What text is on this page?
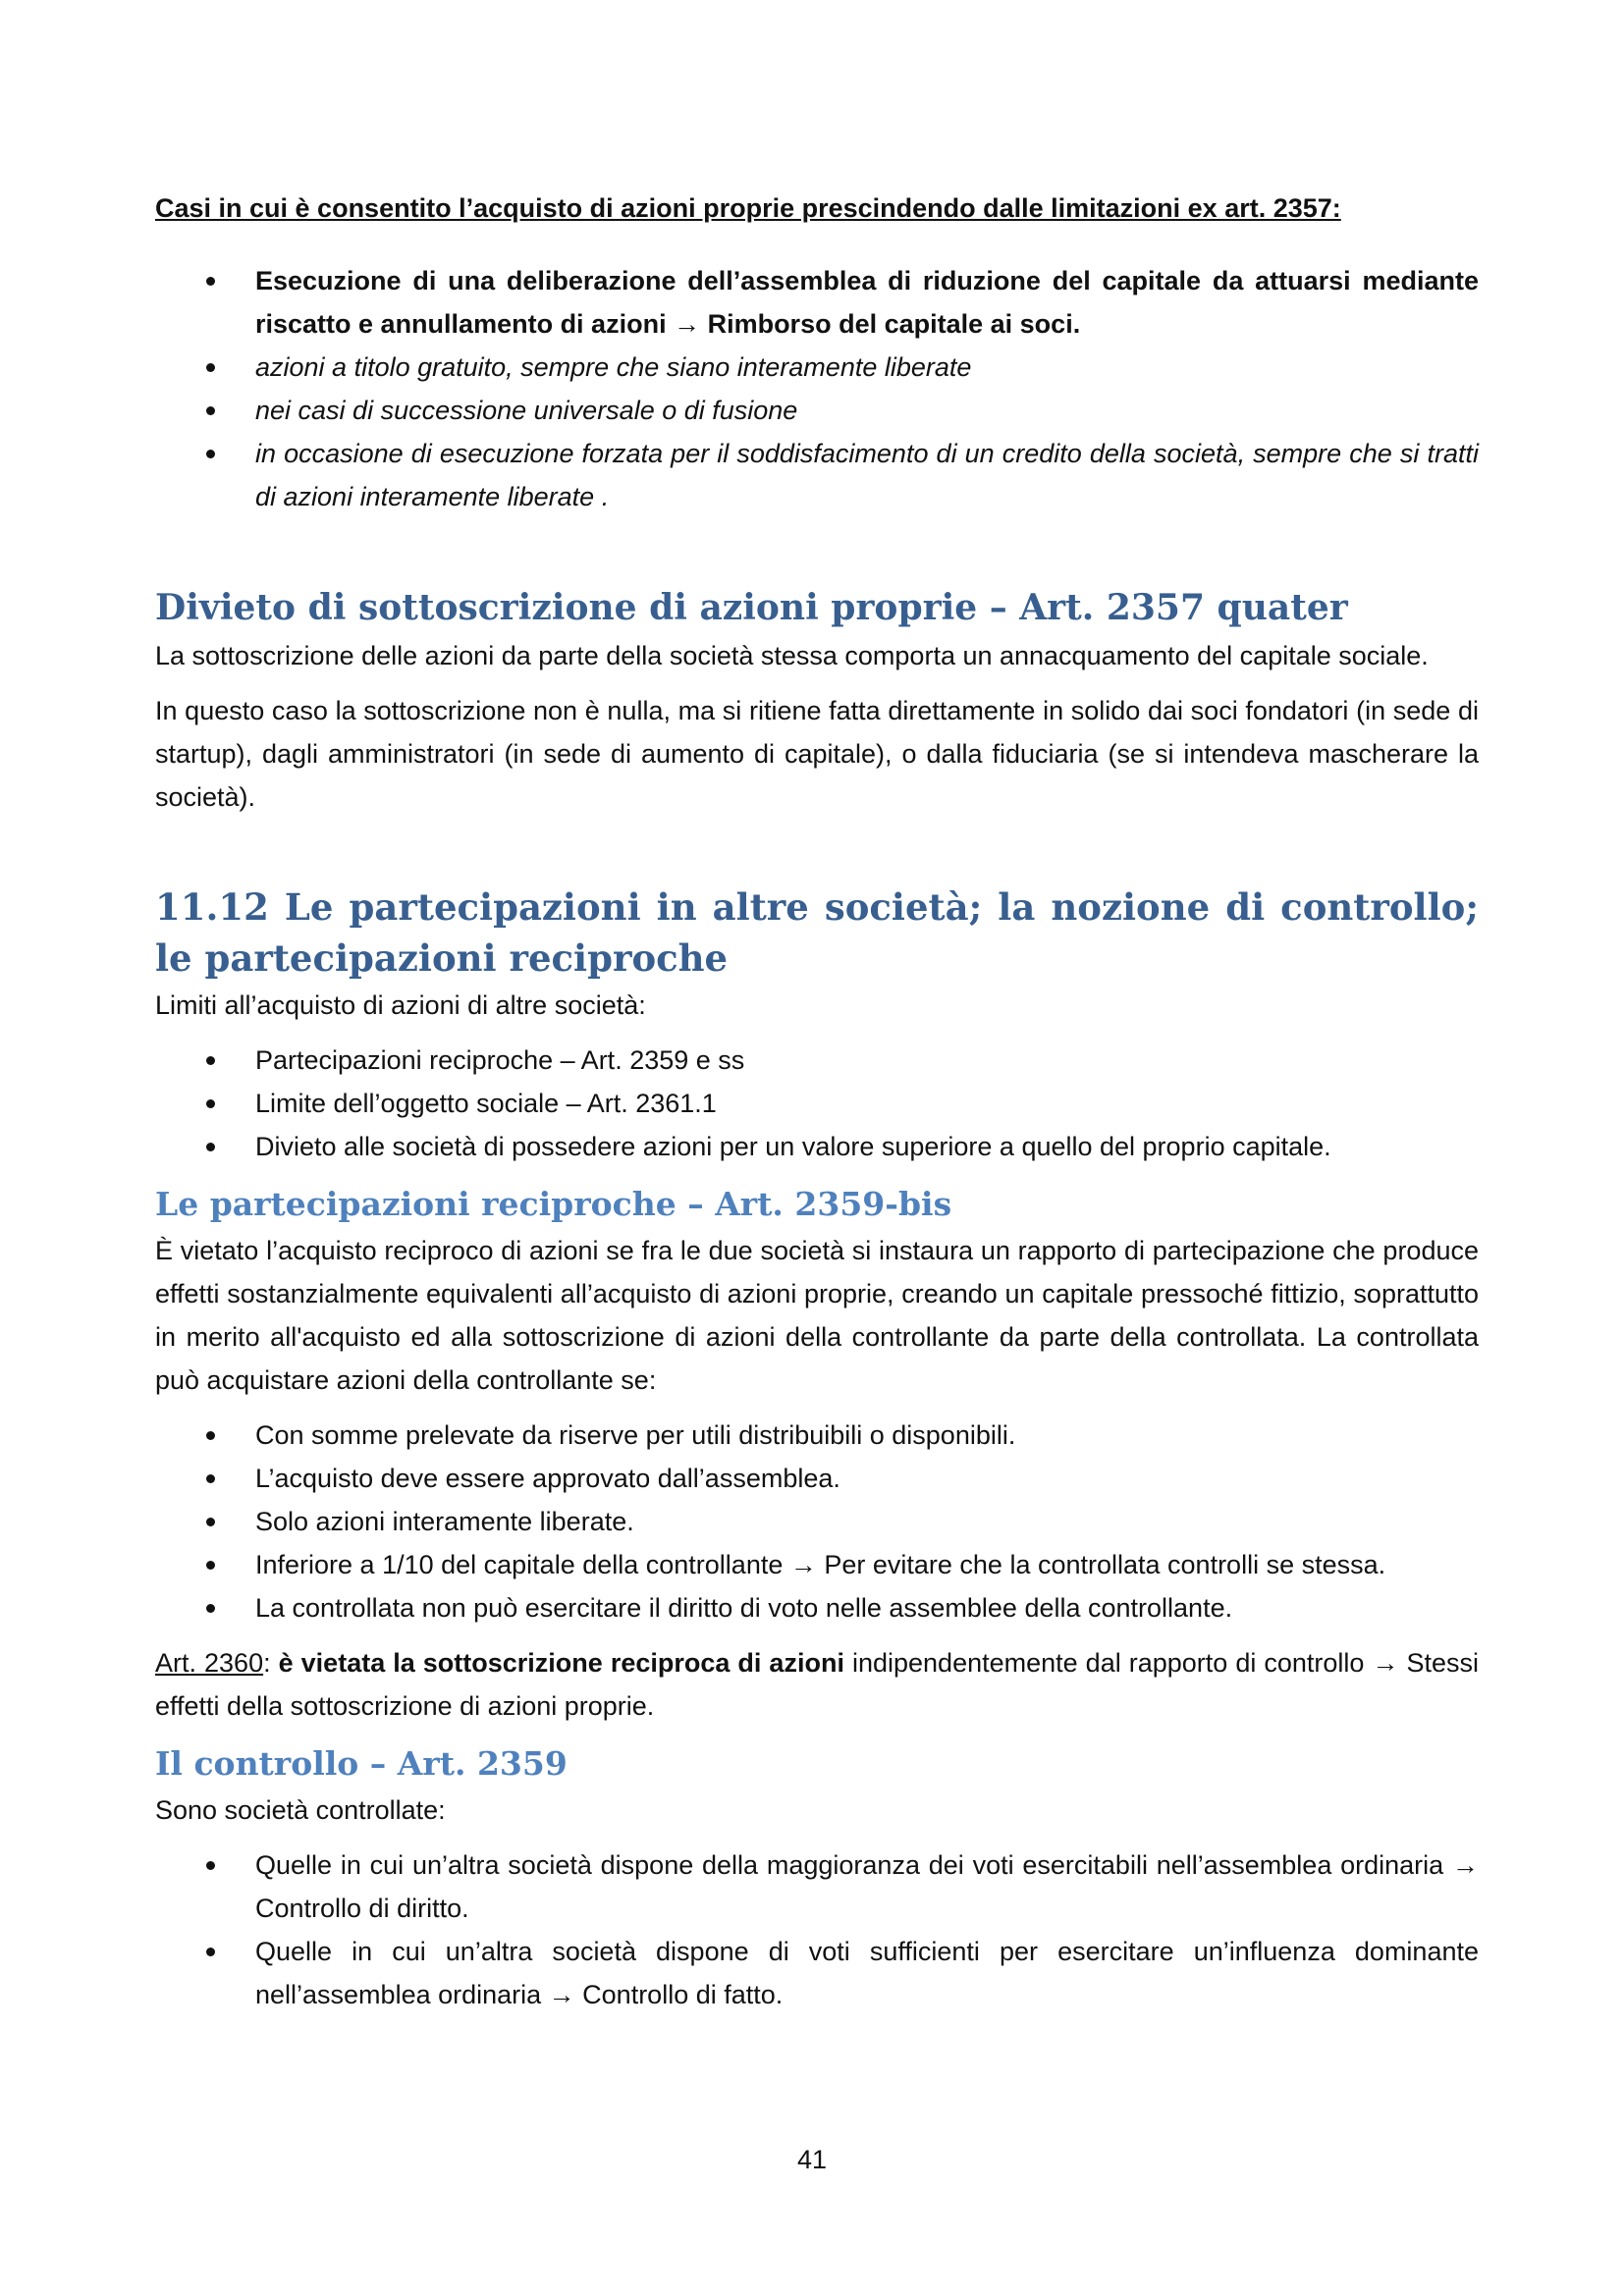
Casi in cui è consentito l’acquisto di azioni proprie prescindendo dalle limitazioni ex art. 2357:

Esecuzione di una deliberazione dell’assemblea di riduzione del capitale da attuarsi mediante riscatto e annullamento di azioni → Rimborso del capitale ai soci.
azioni a titolo gratuito, sempre che siano interamente liberate
nei casi di successione universale o di fusione
in occasione di esecuzione forzata per il soddisfacimento di un credito della società, sempre che si tratti di azioni interamente liberate .
Divieto di sottoscrizione di azioni proprie – Art. 2357 quater

La sottoscrizione delle azioni da parte della società stessa comporta un annacquamento del capitale sociale.

In questo caso la sottoscrizione non è nulla, ma si ritiene fatta direttamente in solido dai soci fondatori (in sede di startup), dagli amministratori (in sede di aumento di capitale), o dalla fiduciaria (se si intendeva mascherare la società).

11.12 Le partecipazioni in altre società; la nozione di controllo; le partecipazioni reciproche

Limiti all’acquisto di azioni di altre società:

Partecipazioni reciproche – Art. 2359 e ss
Limite dell’oggetto sociale – Art. 2361.1
Divieto alle società di possedere azioni per un valore superiore a quello del proprio capitale.
Le partecipazioni reciproche – Art. 2359-bis

È vietato l’acquisto reciproco di azioni se fra le due società si instaura un rapporto di partecipazione che produce effetti sostanzialmente equivalenti all’acquisto di azioni proprie, creando un capitale pressoché fittizio, soprattutto in merito all'acquisto ed alla sottoscrizione di azioni della controllante da parte della controllata. La controllata può acquistare azioni della controllante se:

Con somme prelevate da riserve per utili distribuibili o disponibili.
L’acquisto deve essere approvato dall’assemblea.
Solo azioni interamente liberate.
Inferiore a 1/10 del capitale della controllante → Per evitare che la controllata controlli se stessa.
La controllata non può esercitare il diritto di voto nelle assemblee della controllante.

Art. 2360: è vietata la sottoscrizione reciproca di azioni indipendentemente dal rapporto di controllo → Stessi effetti della sottoscrizione di azioni proprie.

Il controllo – Art. 2359

Sono società controllate:

Quelle in cui un’altra società dispone della maggioranza dei voti esercitabili nell’assemblea ordinaria → Controllo di diritto.
Quelle in cui un’altra società dispone di voti sufficienti per esercitare un’influenza dominante nell’assemblea ordinaria → Controllo di fatto.
41
